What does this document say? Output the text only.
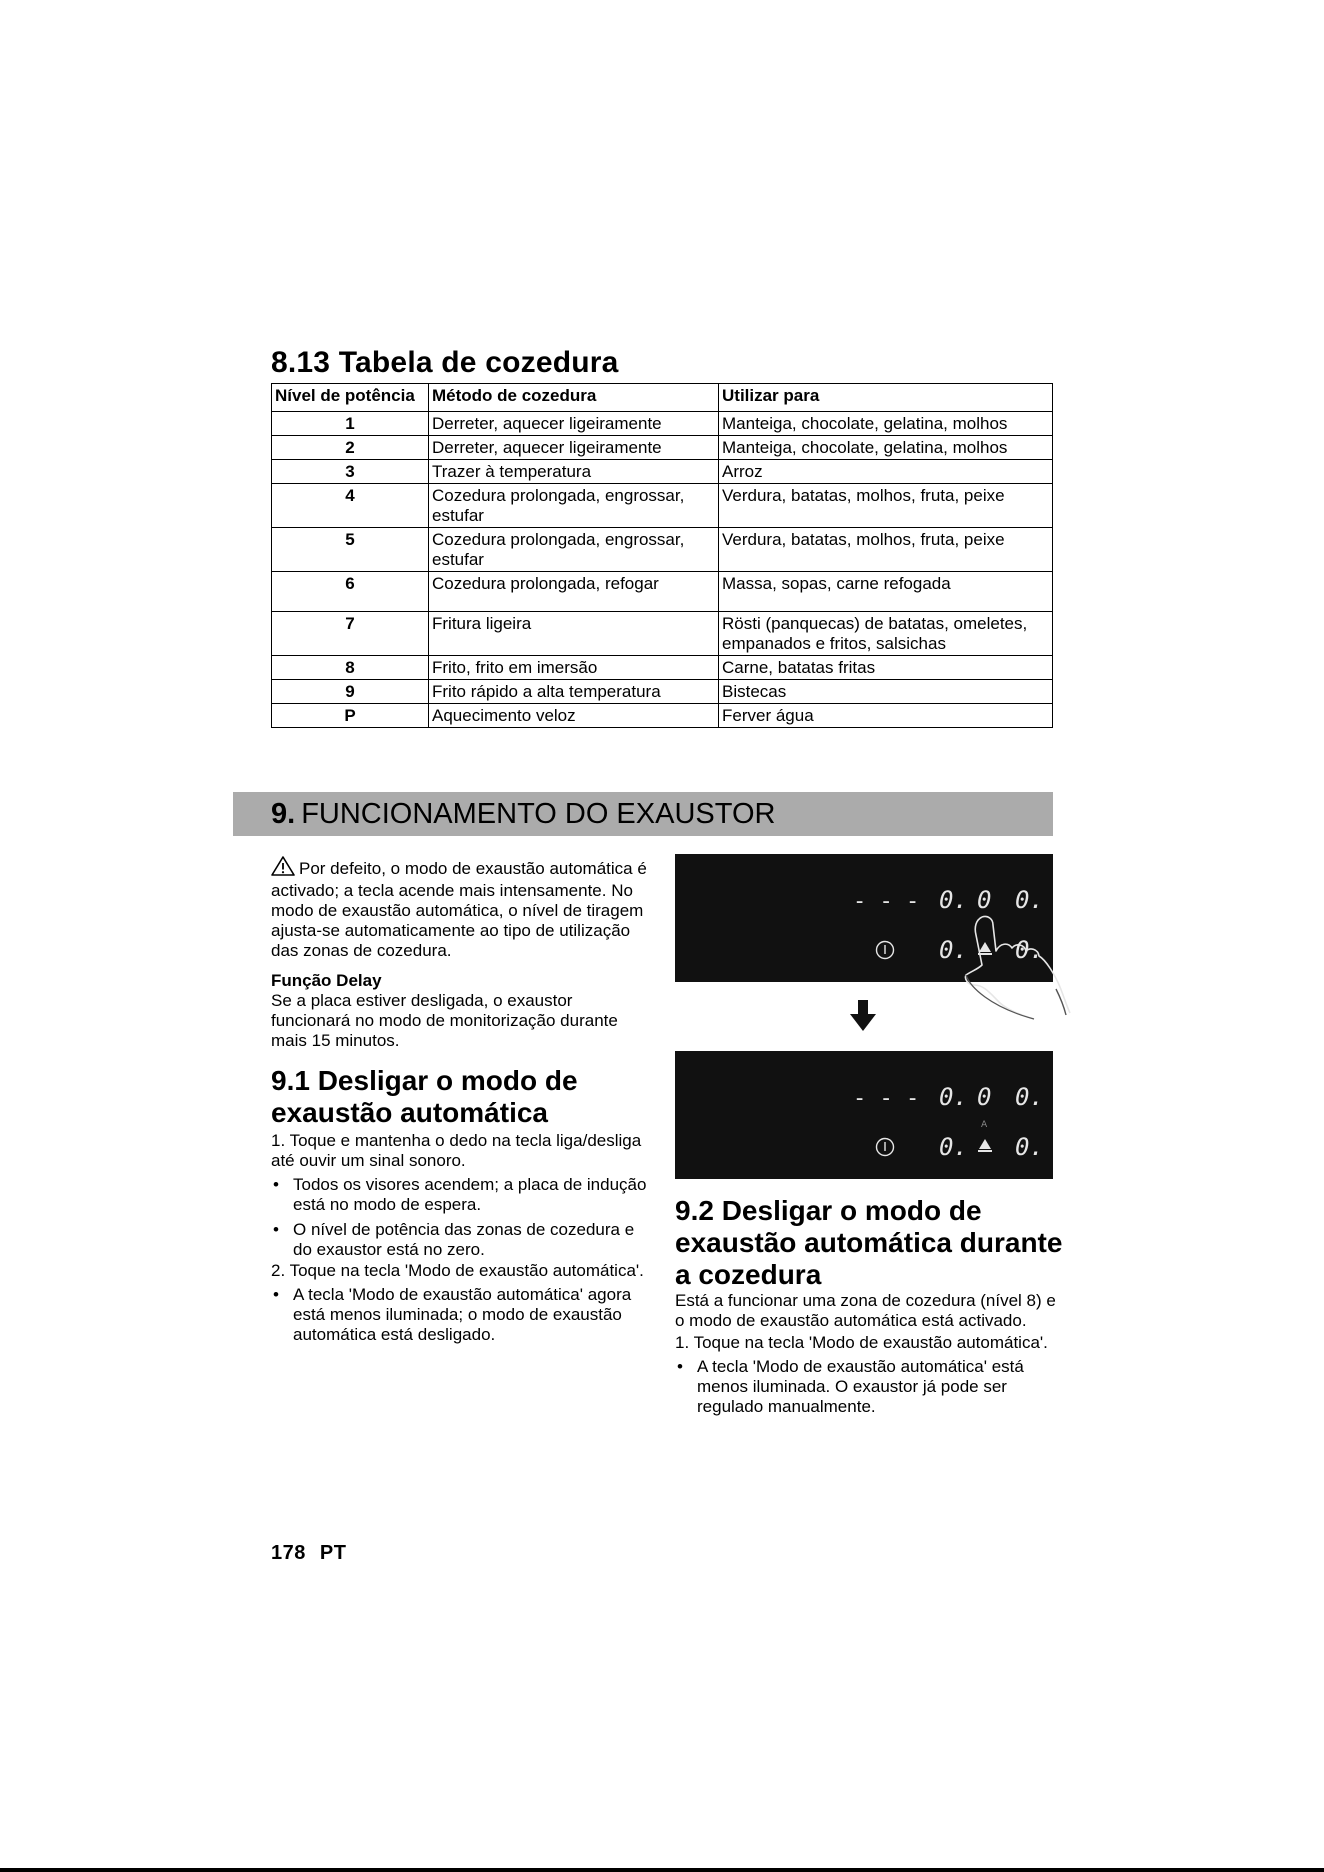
8.13 Tabela de cozedura
Nível de potência	Método de cozedura	Utilizar para
1	Derreter, aquecer ligeiramente	Manteiga, chocolate, gelatina, molhos
2	Derreter, aquecer ligeiramente	Manteiga, chocolate, gelatina, molhos
3	Trazer à temperatura	Arroz
4	Cozedura prolongada, engrossar, estufar	Verdura, batatas, molhos, fruta, peixe
5	Cozedura prolongada, engrossar, estufar	Verdura, batatas, molhos, fruta, peixe
6	Cozedura prolongada, refogar	Massa, sopas, carne refogada
7	Fritura ligeira	Rösti (panquecas) de batatas, omeletes, empanados e fritos, salsichas
8	Frito, frito em imersão	Carne, batatas fritas
9	Frito rápido a alta temperatura	Bistecas
P	Aquecimento veloz	Ferver água
9. FUNCIONAMENTO DO EXAUSTOR

Por defeito, o modo de exaustão automática é activado; a tecla acende mais intensamente. No modo de exaustão automática, o nível de tiragem ajusta-se automaticamente ao tipo de utilização das zonas de cozedura.

Função Delay

Se a placa estiver desligada, o exaustor funcionará no modo de monitorização durante mais 15 minutos.

9.1 Desligar o modo de exaustão automática

1. Toque e mantenha o dedo na tecla liga/desliga até ouvir um sinal sonoro.

• Todos os visores acendem; a placa de indução está no modo de espera.
• O nível de potência das zonas de cozedura e do exaustor está no zero.

2. Toque na tecla 'Modo de exaustão automática'.

• A tecla 'Modo de exaustão automática' agora está menos iluminada; o modo de exaustão automática está desligado.
- - - 0. 0 0.
0. 0.
- - - 0. 0 0.
A
0. 0.
9.2 Desligar o modo de exaustão automática durante a cozedura

Está a funcionar uma zona de cozedura (nível 8) e o modo de exaustão automática está activado.

1. Toque na tecla 'Modo de exaustão automática'.

• A tecla 'Modo de exaustão automática' está menos iluminada. O exaustor já pode ser regulado manualmente.
178 PT
